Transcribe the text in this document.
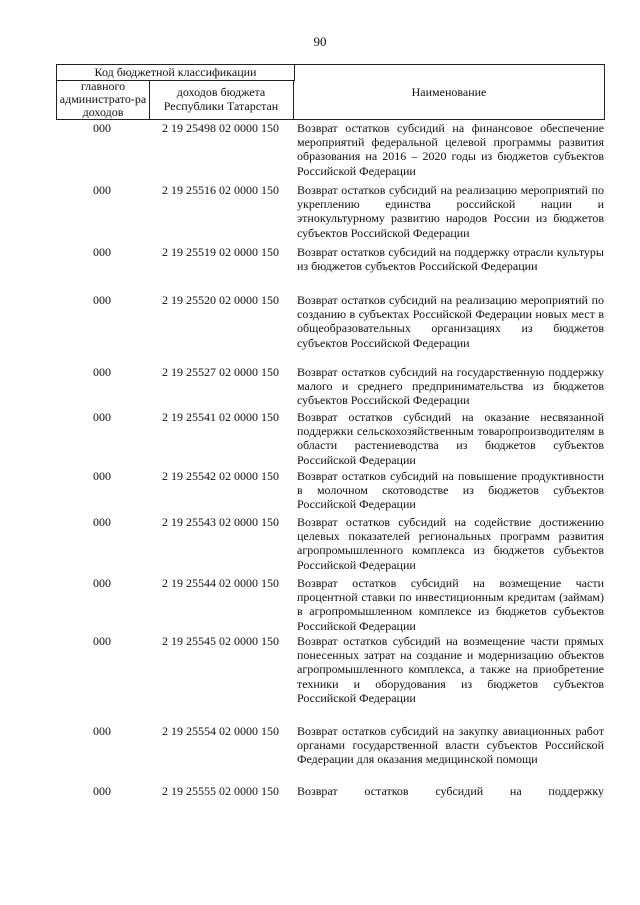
90
Код бюджетной классификации
главного администрато-ра доходов
доходов бюджета Республики Татарстан
Наименование
000	2 19 25498 02 0000 150	Возврат остатков субсидий на финансовое обеспечение мероприятий федеральной целевой программы развития образования на 2016 – 2020 годы из бюджетов субъектов Российской Федерации
000	2 19 25516 02 0000 150	Возврат остатков субсидий на реализацию мероприятий по укреплению единства российской нации и этнокультурному развитию народов России из бюджетов субъектов Российской Федерации
000	2 19 25519 02 0000 150	Возврат остатков субсидий на поддержку отрасли культуры из бюджетов субъектов Российской Федерации
000	2 19 25520 02 0000 150	Возврат остатков субсидий на реализацию мероприятий по созданию в субъектах Российской Федерации новых мест в общеобразовательных организациях из бюджетов субъектов Российской Федерации
000	2 19 25527 02 0000 150	Возврат остатков субсидий на государственную поддержку малого и среднего предпринимательства из бюджетов субъектов Российской Федерации
000	2 19 25541 02 0000 150	Возврат остатков субсидий на оказание несвязанной поддержки сельскохозяйственным товаропроизводителям в области растениеводства из бюджетов субъектов Российской Федерации
000	2 19 25542 02 0000 150	Возврат остатков субсидий на повышение продуктивности в молочном скотоводстве из бюджетов субъектов Российской Федерации
000	2 19 25543 02 0000 150	Возврат остатков субсидий на содействие достижению целевых показателей региональных программ развития агропромышленного комплекса из бюджетов субъектов Российской Федерации
000	2 19 25544 02 0000 150	Возврат остатков субсидий на возмещение части процентной ставки по инвестиционным кредитам (займам) в агропромышленном комплексе из бюджетов субъектов Российской Федерации
000	2 19 25545 02 0000 150	Возврат остатков субсидий на возмещение части прямых понесенных затрат на создание и модернизацию объектов агропромышленного комплекса, а также на приобретение техники и оборудования из бюджетов субъектов Российской Федерации
000	2 19 25554 02 0000 150	Возврат остатков субсидий на закупку авиационных работ органами государственной власти субъектов Российской Федерации для оказания медицинской помощи
000	2 19 25555 02 0000 150	Возврат остатков субсидий на поддержку
